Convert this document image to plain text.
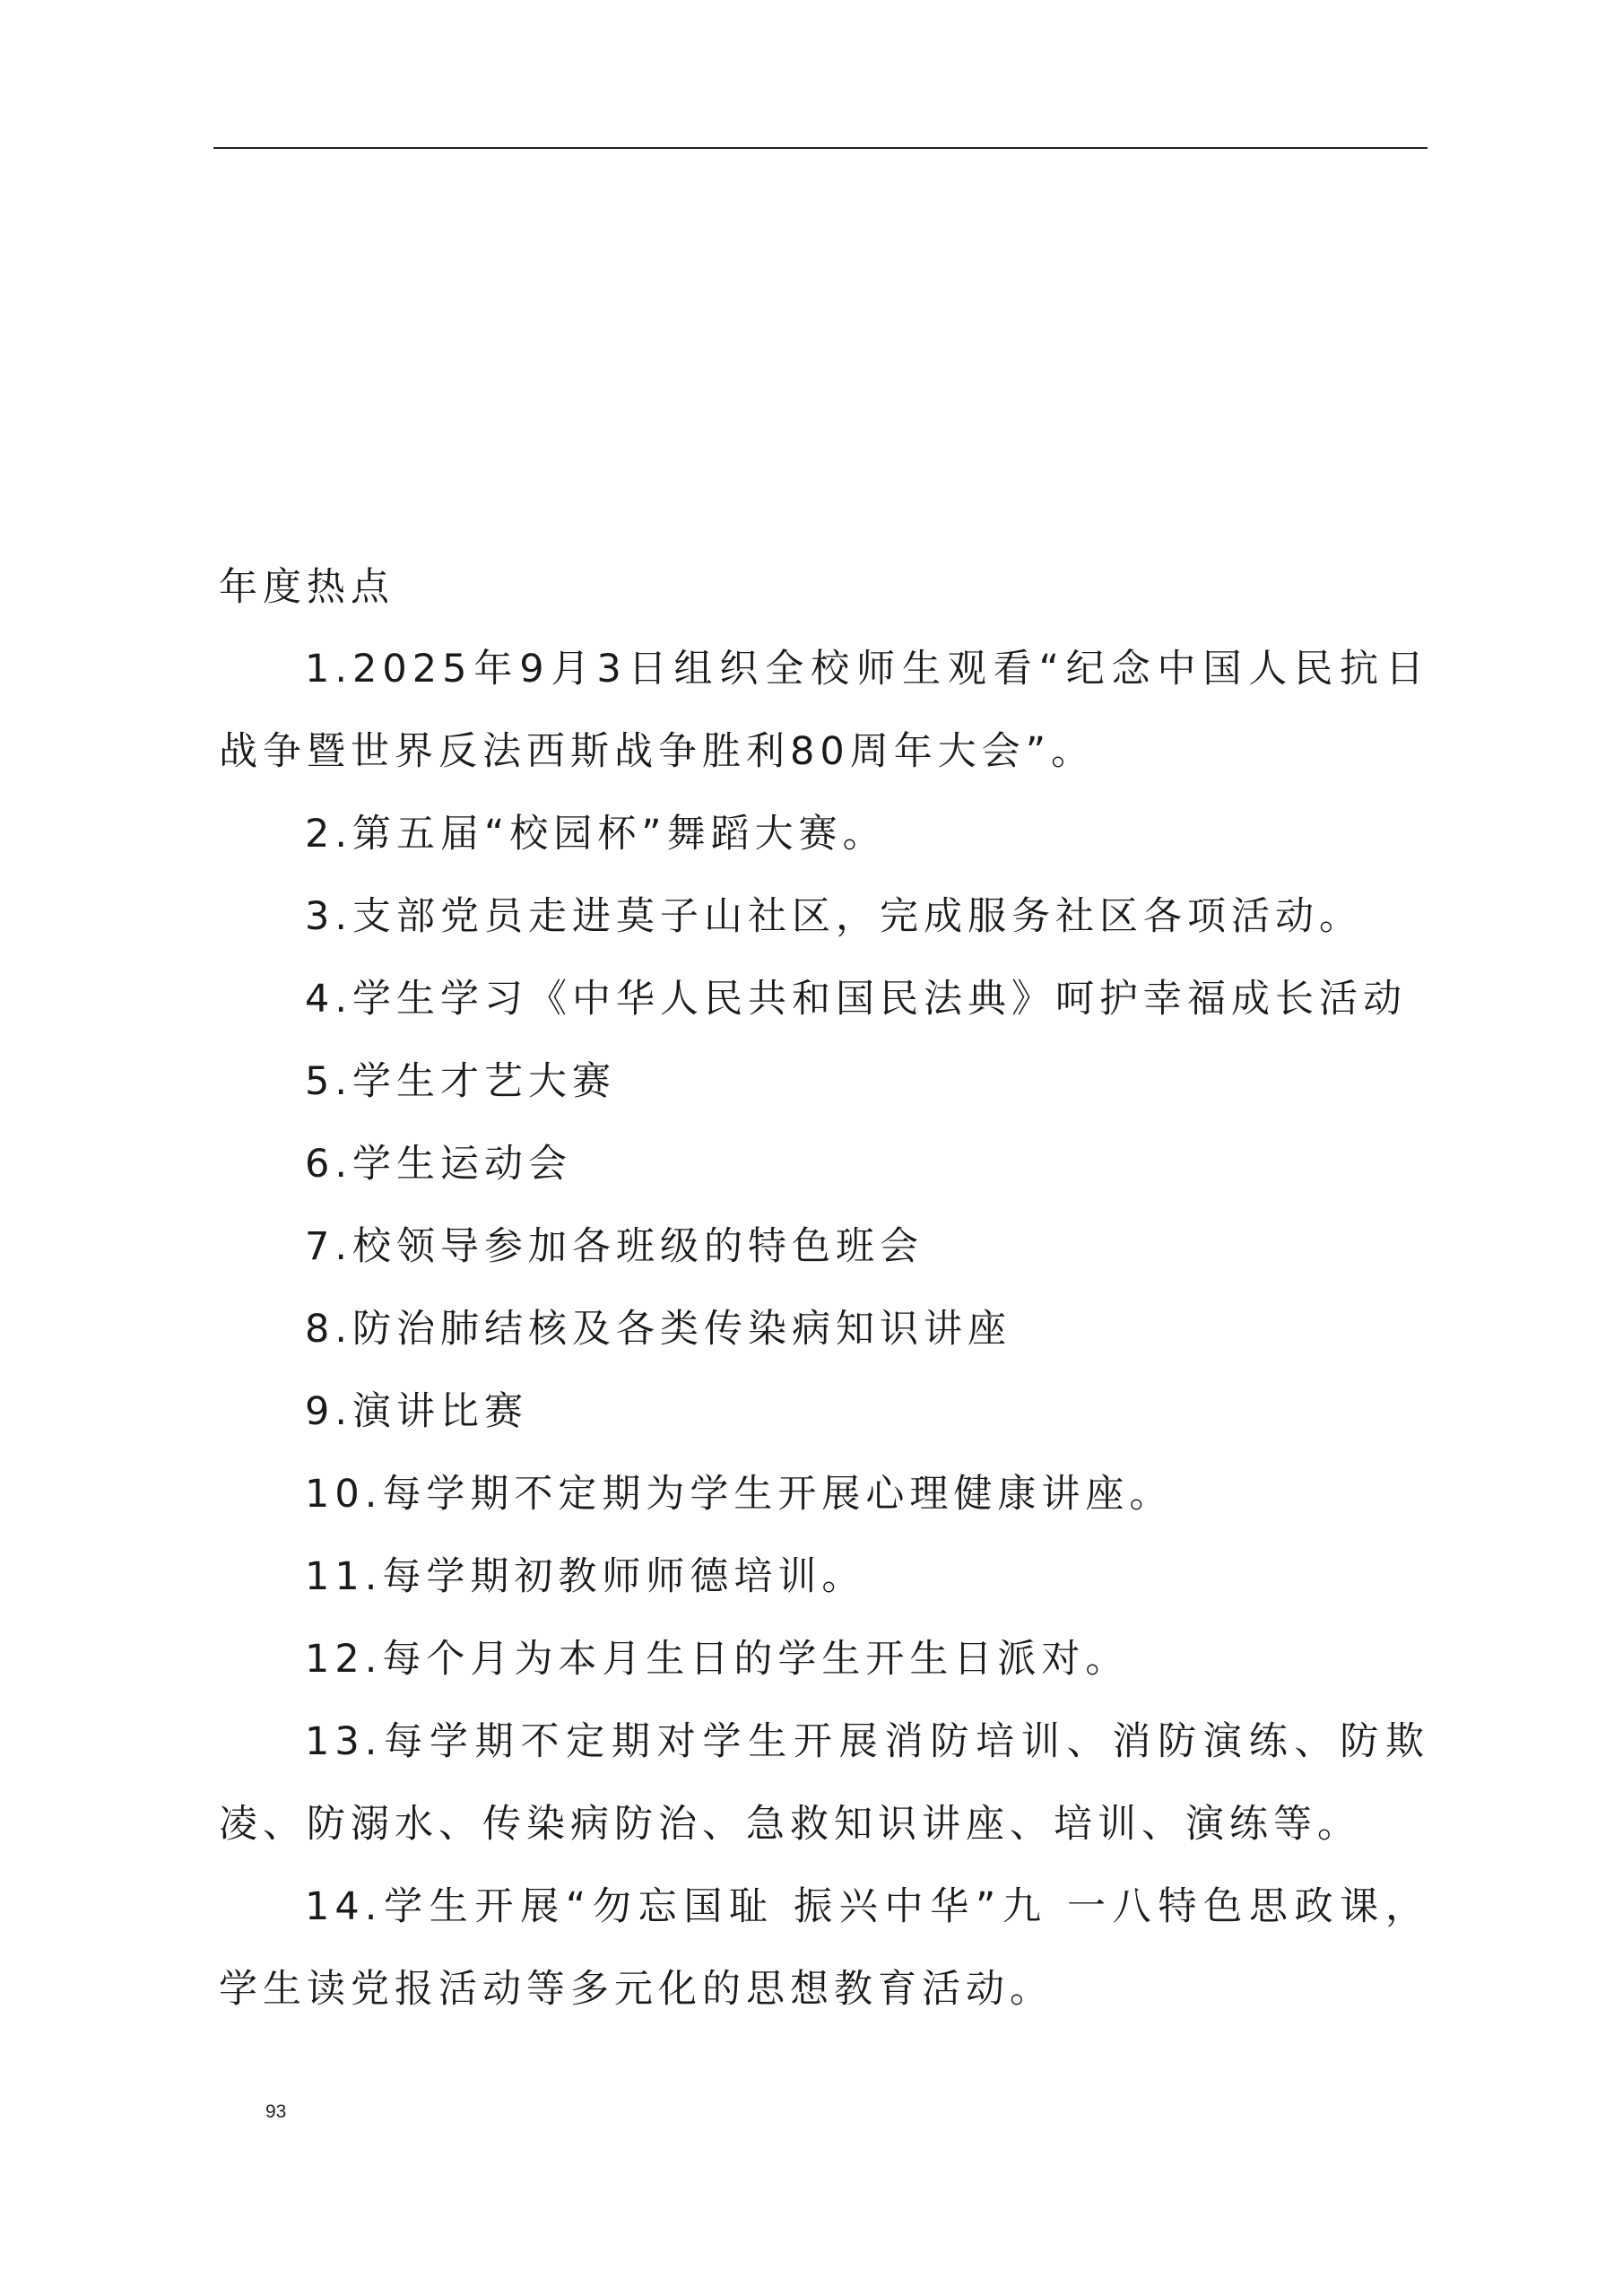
年度热点

1.2025年9月3日组织全校师生观看“纪念中国人民抗日战争暨世界反法西斯战争胜利80周年大会”。

2.第五届“校园杯”舞蹈大赛。

3.支部党员走进莫子山社区，完成服务社区各项活动。

4.学生学习《中华人民共和国民法典》呵护幸福成长活动

5.学生才艺大赛

6.学生运动会

7.校领导参加各班级的特色班会

8.防治肺结核及各类传染病知识讲座

9.演讲比赛

10.每学期不定期为学生开展心理健康讲座。

11.每学期初教师师德培训。

12.每个月为本月生日的学生开生日派对。

13.每学期不定期对学生开展消防培训、消防演练、防欺凌、防溺水、传染病防治、急救知识讲座、培训、演练等。

14.学生开展“勿忘国耻 振兴中华”九 一八特色思政课，学生读党报活动等多元化的思想教育活动。

93
